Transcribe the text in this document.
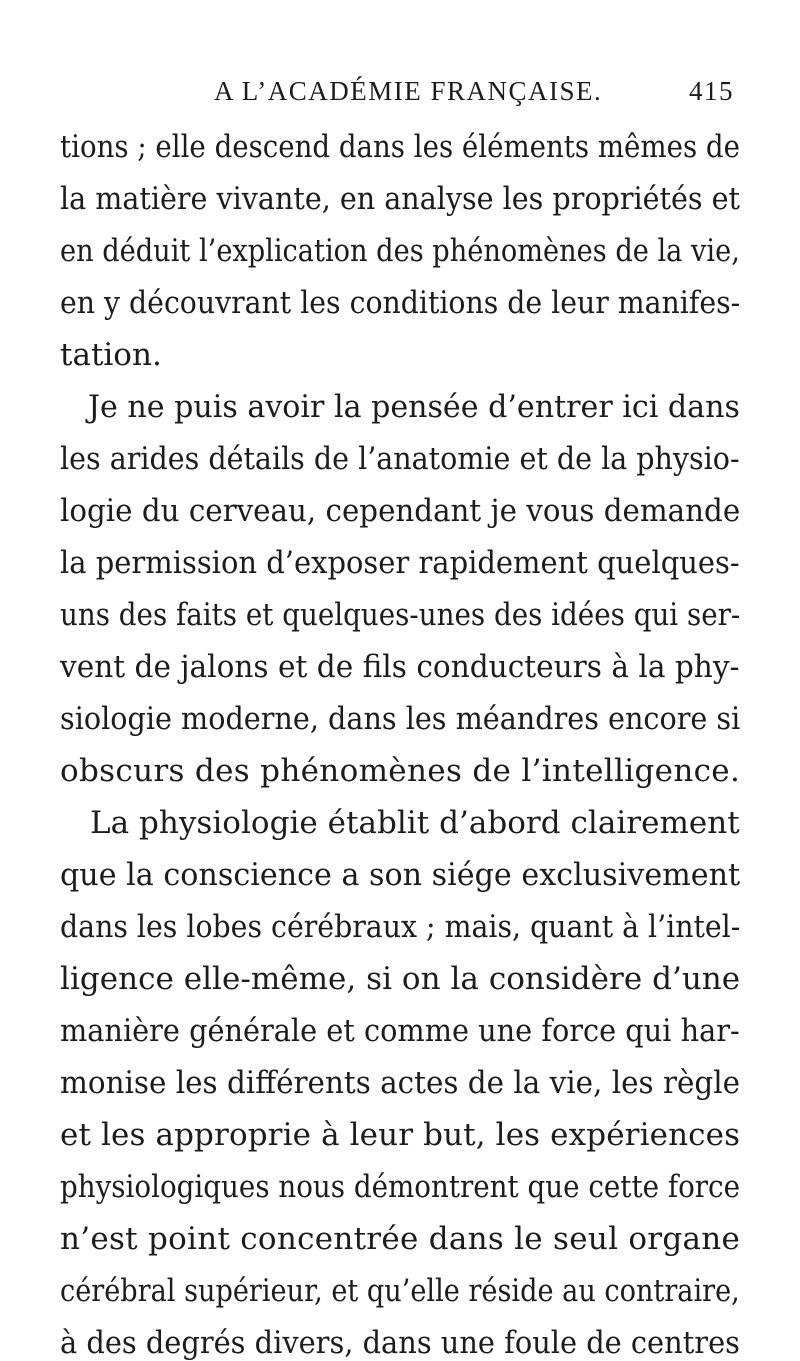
A L’ACADÉMIE FRANÇAISE.	415
tions ; elle descend dans les éléments mêmes de
la matière vivante, en analyse les propriétés et
en déduit l’explication des phénomènes de la vie,
en y découvrant les conditions de leur manifes-
tation.
Je ne puis avoir la pensée d’entrer ici dans
les arides détails de l’anatomie et de la physio-
logie du cerveau, cependant je vous demande
la permission d’exposer rapidement quelques-
uns des faits et quelques-unes des idées qui ser-
vent de jalons et de fils conducteurs à la phy-
siologie moderne, dans les méandres encore si
obscurs des phénomènes de l’intelligence.
La physiologie établit d’abord clairement
que la conscience a son siége exclusivement
dans les lobes cérébraux ; mais, quant à l’intel-
ligence elle-même, si on la considère d’une
manière générale et comme une force qui har-
monise les différents actes de la vie, les règle
et les approprie à leur but, les expériences
physiologiques nous démontrent que cette force
n’est point concentrée dans le seul organe
cérébral supérieur, et qu’elle réside au contraire,
à des degrés divers, dans une foule de centres
